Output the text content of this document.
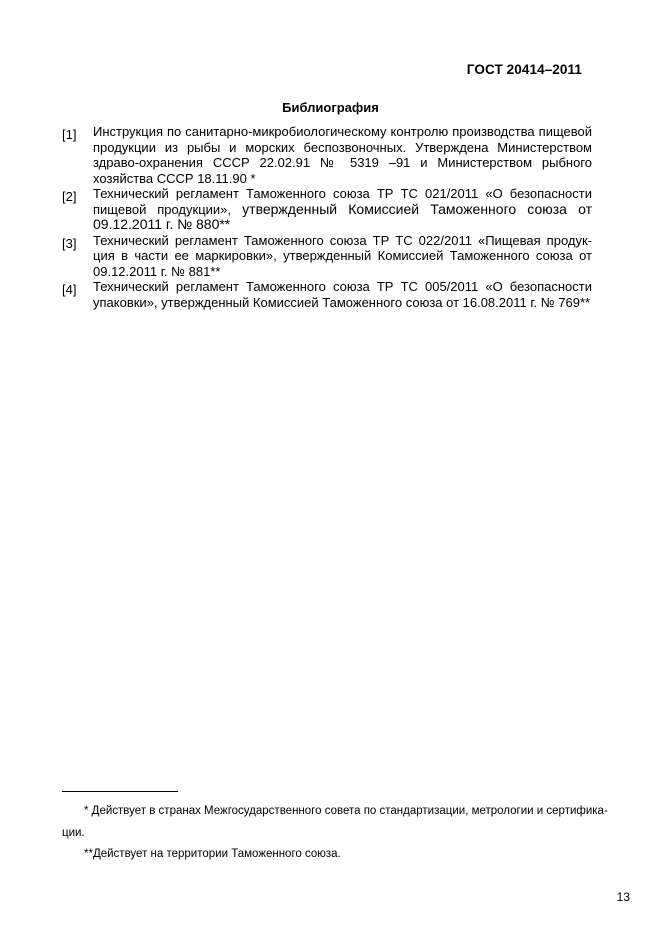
ГОСТ 20414–2011
Библиография
[1]	Инструкция по санитарно-микробиологическому контролю производства пищевой продукции из рыбы и морских беспозвоночных. Утверждена Министерством здраво-охранения СССР 22.02.91 № 5319 –91 и Министерством рыбного хозяйства СССР 18.11.90 *
[2]	Технический регламент Таможенного союза ТР ТС 021/2011 «О безопасности пищевой продукции», утвержденный Комиссией Таможенного союза от 09.12.2011 г. № 880**
[3]	Технический регламент Таможенного союза ТР ТС 022/2011 «Пищевая продук-ция в части ее маркировки», утвержденный Комиссией Таможенного союза от 09.12.2011 г. № 881**
[4]	Технический регламент Таможенного союза ТР ТС 005/2011 «О безопасности упаковки», утвержденный Комиссией Таможенного союза от 16.08.2011 г. № 769**
* Действует в странах Межгосударственного совета по стандартизации, метрологии и сертифика-ции.
**Действует на территории Таможенного союза.
13
